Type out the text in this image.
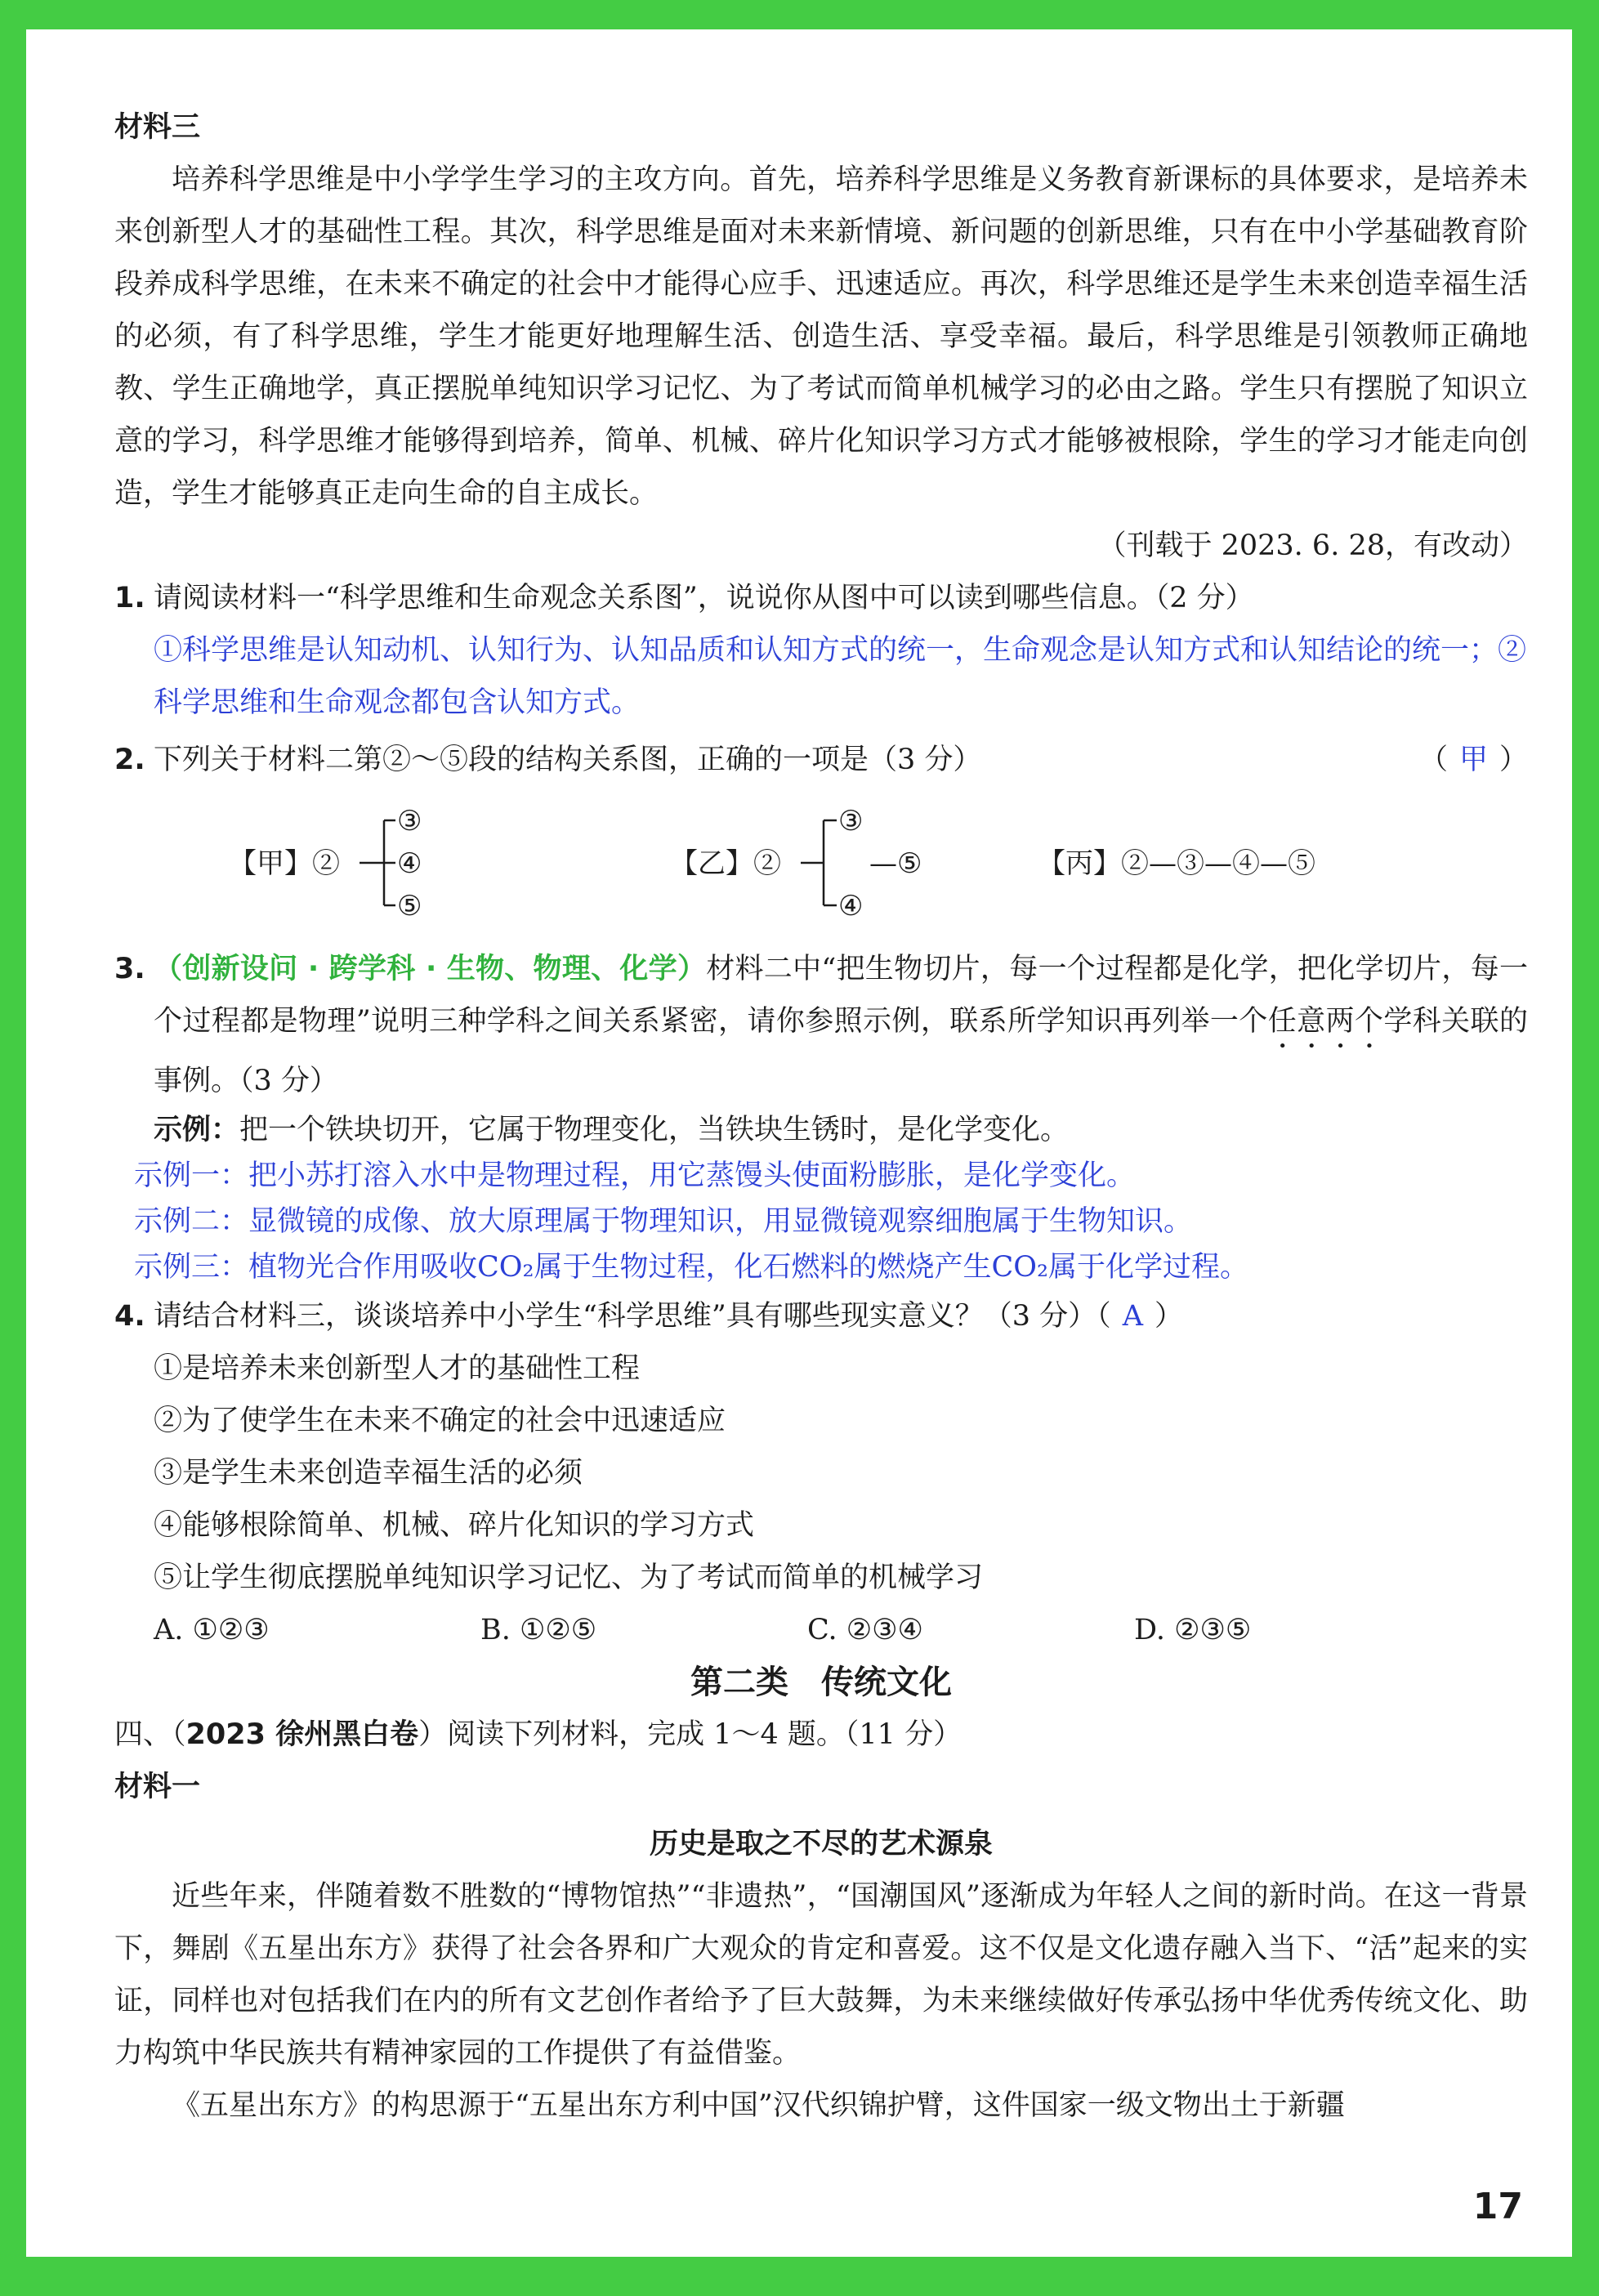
材料三

培养科学思维是中小学学生学习的主攻方向。首先，培养科学思维是义务教育新课标的具体要求，是培养未来创新型人才的基础性工程。其次，科学思维是面对未来新情境、新问题的创新思维，只有在中小学基础教育阶段养成科学思维，在未来不确定的社会中才能得心应手、迅速适应。再次，科学思维还是学生未来创造幸福生活的必须，有了科学思维，学生才能更好地理解生活、创造生活、享受幸福。最后，科学思维是引领教师正确地教、学生正确地学，真正摆脱单纯知识学习记忆、为了考试而简单机械学习的必由之路。学生只有摆脱了知识立意的学习，科学思维才能够得到培养，简单、机械、碎片化知识学习方式才能够被根除，学生的学习才能走向创造，学生才能够真正走向生命的自主成长。

（刊载于 2023. 6. 28，有改动）
1. 请阅读材料一“科学思维和生命观念关系图”，说说你从图中可以读到哪些信息。（2 分）
①科学思维是认知动机、认知行为、认知品质和认知方式的统一，生命观念是认知方式和认知结论的统一；②科学思维和生命观念都包含认知方式。
2. 下列关于材料二第②～⑤段的结构关系图，正确的一项是（3 分）	（ 甲 ）
【甲】②
③
④
⑤
【乙】②
③
④
—⑤	【丙】②—③—④—⑤
3. （创新设问 · 跨学科 · 生物、物理、化学）材料二中“把生物切片，每一个过程都是化学，把化学切片，每一个过程都是物理”说明三种学科之间关系紧密，请你参照示例，联系所学知识再列举一个任意两个学科关联的事例。（3 分）
示例：把一个铁块切开，它属于物理变化，当铁块生锈时，是化学变化。
示例一：把小苏打溶入水中是物理过程，用它蒸馒头使面粉膨胀，是化学变化。
示例二：显微镜的成像、放大原理属于物理知识，用显微镜观察细胞属于生物知识。
示例三：植物光合作用吸收CO₂属于生物过程，化石燃料的燃烧产生CO₂属于化学过程。
4. 请结合材料三，谈谈培养中小学生“科学思维”具有哪些现实意义？（3 分）（ A ）
①是培养未来创新型人才的基础性工程
②为了使学生在未来不确定的社会中迅速适应
③是学生未来创造幸福生活的必须
④能够根除简单、机械、碎片化知识的学习方式
⑤让学生彻底摆脱单纯知识学习记忆、为了考试而简单的机械学习
A. ①②③	B. ①②⑤	C. ②③④	D. ②③⑤
第二类　传统文化
四、（2023 徐州黑白卷）阅读下列材料，完成 1～4 题。（11 分）
材料一
历史是取之不尽的艺术源泉

近些年来，伴随着数不胜数的“博物馆热”“非遗热”，“国潮国风”逐渐成为年轻人之间的新时尚。在这一背景下，舞剧《五星出东方》获得了社会各界和广大观众的肯定和喜爱。这不仅是文化遗存融入当下、“活”起来的实证，同样也对包括我们在内的所有文艺创作者给予了巨大鼓舞，为未来继续做好传承弘扬中华优秀传统文化、助力构筑中华民族共有精神家园的工作提供了有益借鉴。

《五星出东方》的构思源于“五星出东方利中国”汉代织锦护臂，这件国家一级文物出土于新疆

17
